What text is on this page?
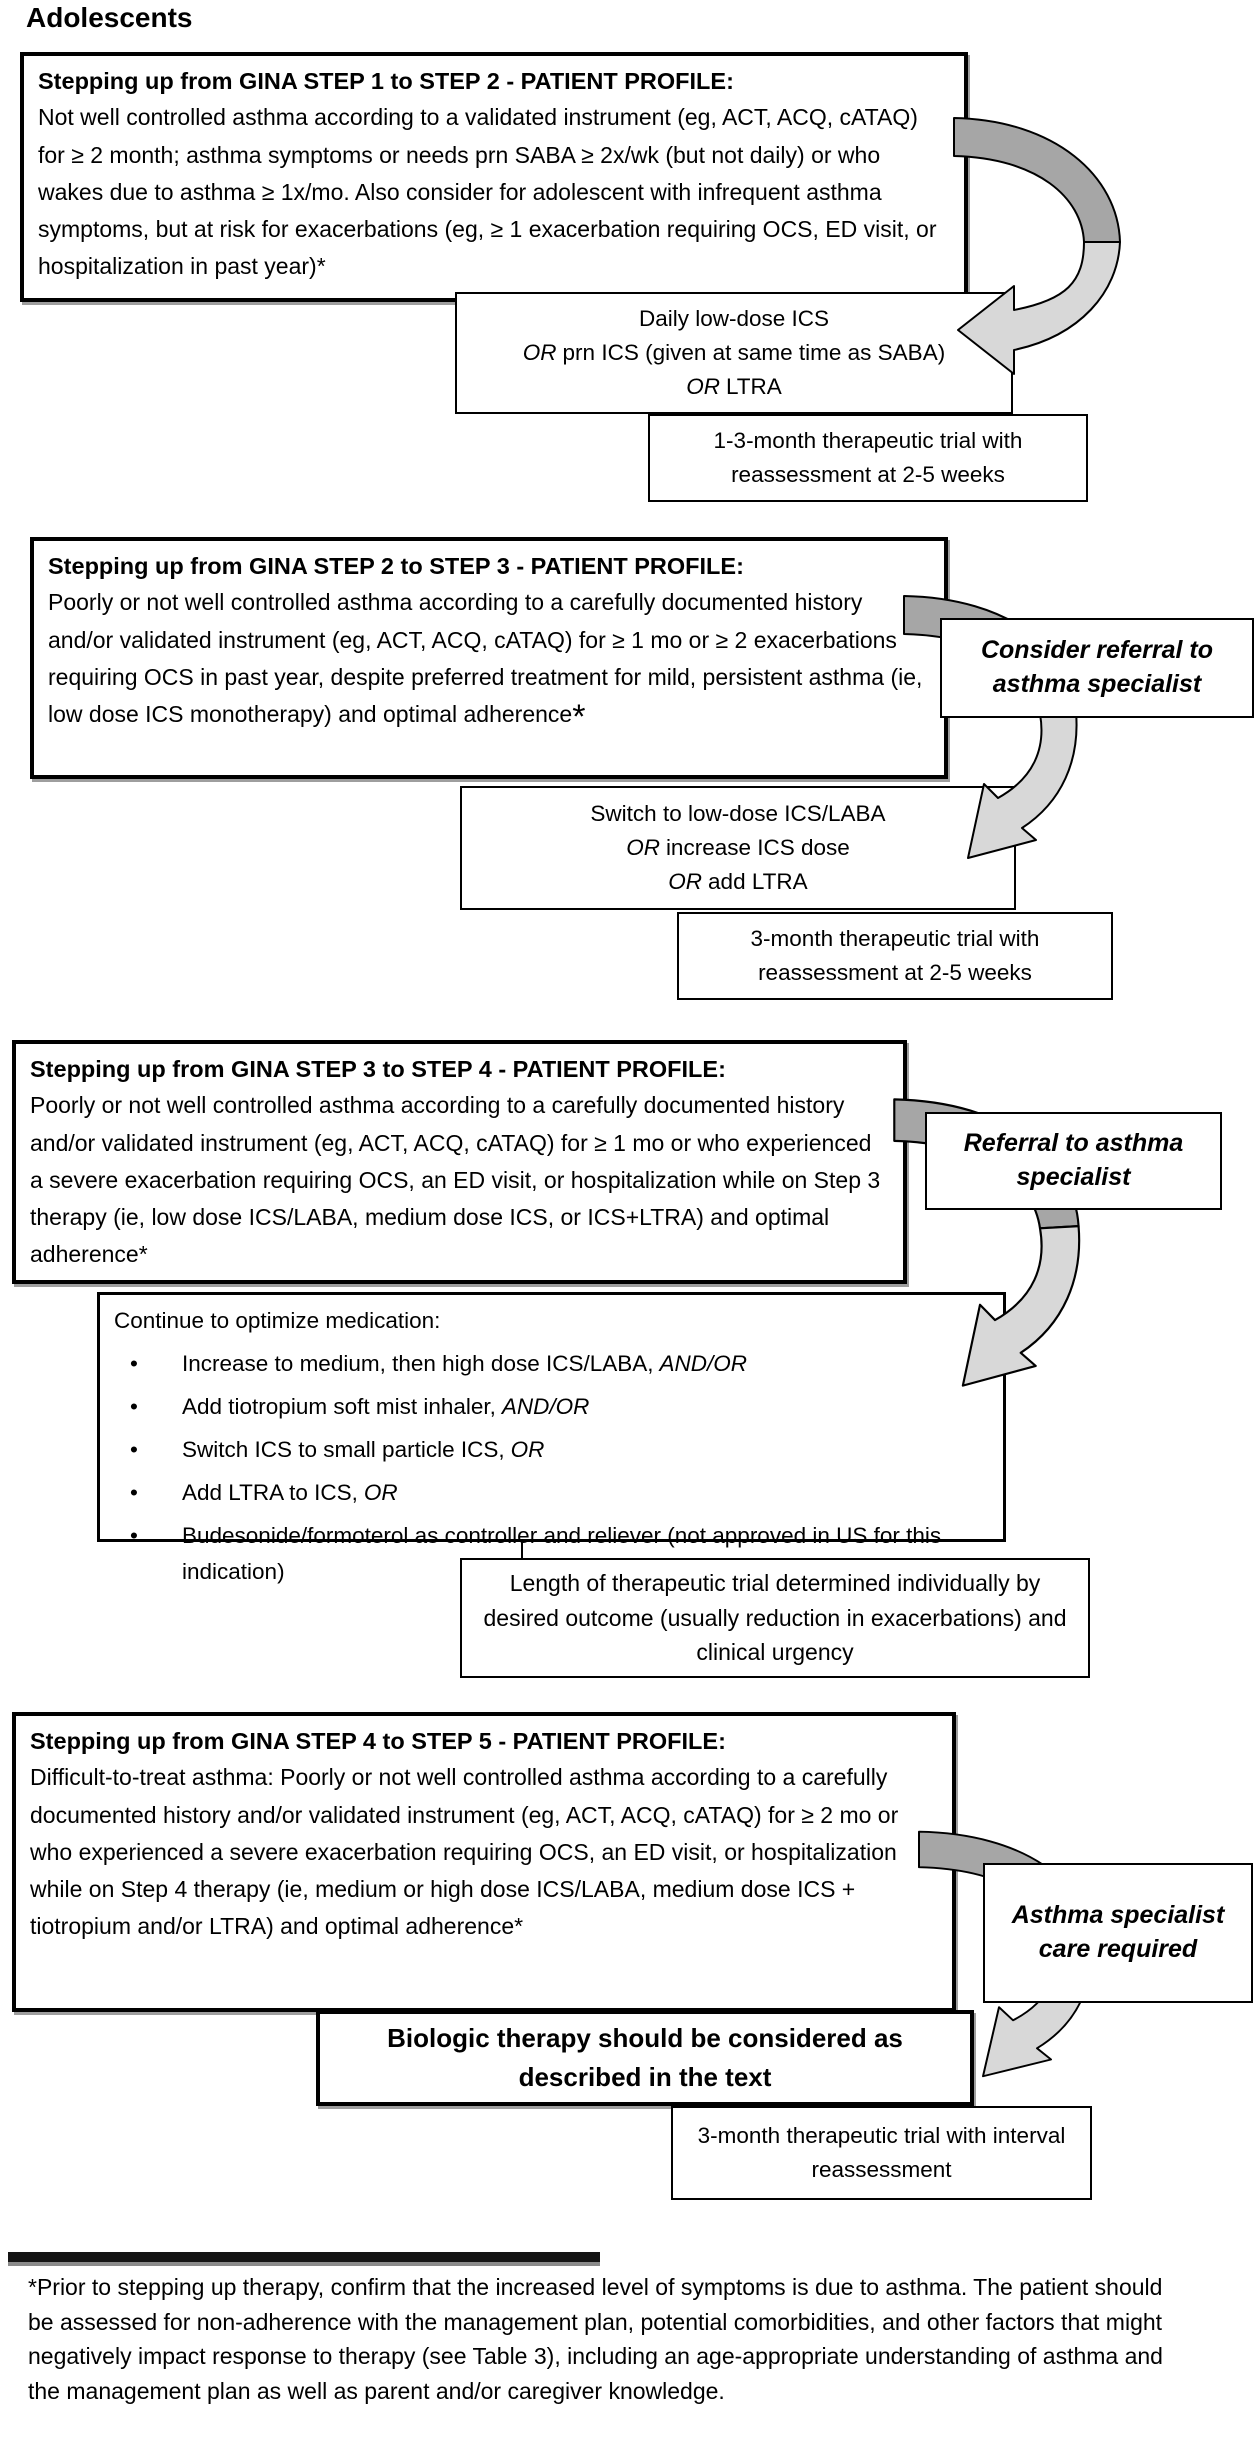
Adolescents
Stepping up from GINA STEP 1 to STEP 2 - PATIENT PROFILE:
Not well controlled asthma according to a validated instrument (eg, ACT, ACQ, cATAQ) for ≥ 2 month; asthma symptoms or needs prn SABA ≥ 2x/wk (but not daily) or who wakes due to asthma ≥ 1x/mo. Also consider for adolescent with infrequent asthma symptoms, but at risk for exacerbations (eg, ≥ 1 exacerbation requiring OCS, ED visit, or hospitalization in past year)*
Daily low-dose ICS
OR prn ICS (given at same time as SABA)
OR LTRA
1-3-month therapeutic trial with reassessment at 2-5 weeks
Stepping up from GINA STEP 2 to STEP 3 - PATIENT PROFILE:
Poorly or not well controlled asthma according to a carefully documented history and/or validated instrument (eg, ACT, ACQ, cATAQ) for ≥ 1 mo or ≥ 2 exacerbations requiring OCS in past year, despite preferred treatment for mild, persistent asthma (ie, low dose ICS monotherapy) and optimal adherence*
Consider referral to asthma specialist
Switch to low-dose ICS/LABA
OR increase ICS dose
OR add LTRA
3-month therapeutic trial with reassessment at 2-5 weeks
Stepping up from GINA STEP 3 to STEP 4 - PATIENT PROFILE:
Poorly or not well controlled asthma according to a carefully documented history and/or validated instrument (eg, ACT, ACQ, cATAQ) for ≥ 1 mo or who experienced a severe exacerbation requiring OCS, an ED visit, or hospitalization while on Step 3 therapy (ie, low dose ICS/LABA, medium dose ICS, or ICS+LTRA) and optimal adherence*
Referral to asthma specialist
Continue to optimize medication:
•	Increase to medium, then high dose ICS/LABA, AND/OR
•	Add tiotropium soft mist inhaler, AND/OR
•	Switch ICS to small particle ICS, OR
•	Add LTRA to ICS, OR
•	Budesonide/formoterol as controller and reliever (not approved in US for this indication)	Length of therapeutic trial determined individually by desired outcome (usually reduction in exacerbations) and clinical urgency
Stepping up from GINA STEP 4 to STEP 5 - PATIENT PROFILE:
Difficult-to-treat asthma: Poorly or not well controlled asthma according to a carefully documented history and/or validated instrument (eg, ACT, ACQ, cATAQ) for ≥ 2 mo or who experienced a severe exacerbation requiring OCS, an ED visit, or hospitalization while on Step 4 therapy (ie, medium or high dose ICS/LABA, medium dose ICS + tiotropium and/or LTRA) and optimal adherence*	Asthma specialist care required
Biologic therapy should be considered as described in the text
3-month therapeutic trial with interval reassessment
*Prior to stepping up therapy, confirm that the increased level of symptoms is due to asthma. The patient should be assessed for non-adherence with the management plan, potential comorbidities, and other factors that might negatively impact response to therapy (see Table 3), including an age-appropriate understanding of asthma and the management plan as well as parent and/or caregiver knowledge.
